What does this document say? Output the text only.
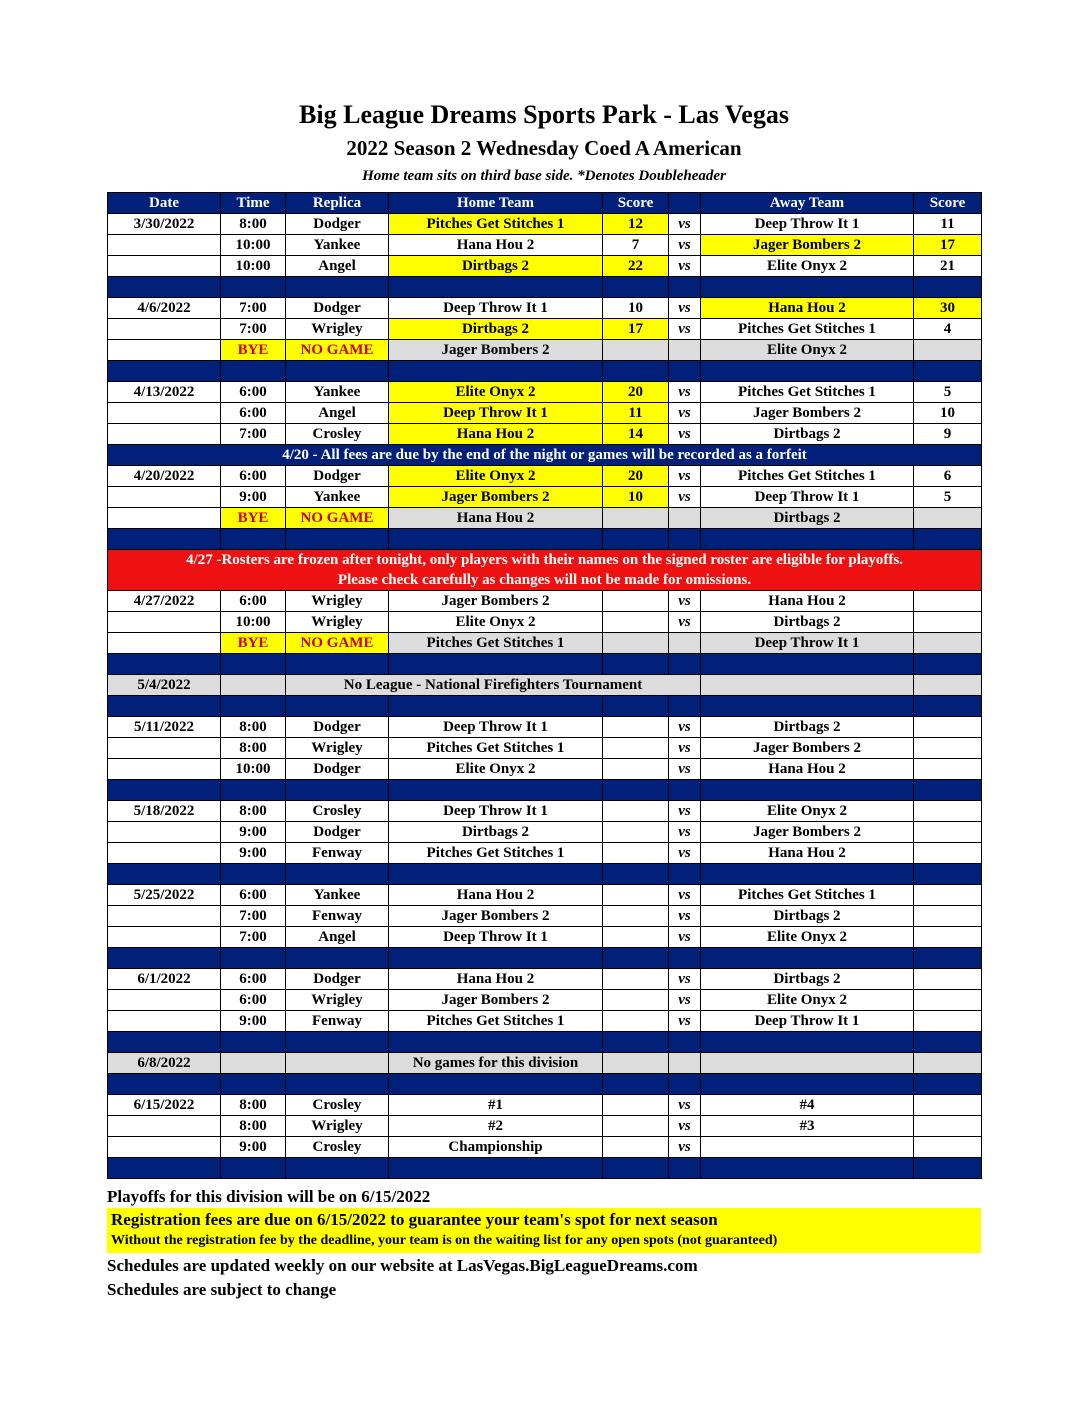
Big League Dreams Sports Park - Las Vegas
2022 Season 2 Wednesday Coed A American
Home team sits on third base side. *Denotes Doubleheader
Date	Time	Replica	Home Team	Score		Away Team	Score
3/30/2022	8:00	Dodger	Pitches Get Stitches 1	12	vs	Deep Throw It 1	11
	10:00	Yankee	Hana Hou 2	7	vs	Jager Bombers 2	17
	10:00	Angel	Dirtbags 2	22	vs	Elite Onyx 2	21

4/6/2022	7:00	Dodger	Deep Throw It 1	10	vs	Hana Hou 2	30
	7:00	Wrigley	Dirtbags 2	17	vs	Pitches Get Stitches 1	4
	BYE	NO GAME	Jager Bombers 2			Elite Onyx 2	

4/13/2022	6:00	Yankee	Elite Onyx 2	20	vs	Pitches Get Stitches 1	5
	6:00	Angel	Deep Throw It 1	11	vs	Jager Bombers 2	10
	7:00	Crosley	Hana Hou 2	14	vs	Dirtbags 2	9
4/20 - All fees are due by the end of the night or games will be recorded as a forfeit							
4/20/2022	6:00	Dodger	Elite Onyx 2	20	vs	Pitches Get Stitches 1	6
	9:00	Yankee	Jager Bombers 2	10	vs	Deep Throw It 1	5
	BYE	NO GAME	Hana Hou 2			Dirtbags 2	

4/27 -Rosters are frozen after tonight, only players with their names on the signed roster are eligible for playoffs.
Please check carefully as changes will not be made for omissions.							

4/27/2022	6:00	Wrigley	Jager Bombers 2		vs	Hana Hou 2	
	10:00	Wrigley	Elite Onyx 2		vs	Dirtbags 2	
	BYE	NO GAME	Pitches Get Stitches 1			Deep Throw It 1	

5/4/2022		No League - National Firefighters Tournament					

5/11/2022	8:00	Dodger	Deep Throw It 1		vs	Dirtbags 2	
	8:00	Wrigley	Pitches Get Stitches 1		vs	Jager Bombers 2	
	10:00	Dodger	Elite Onyx 2		vs	Hana Hou 2	

5/18/2022	8:00	Crosley	Deep Throw It 1		vs	Elite Onyx 2	
	9:00	Dodger	Dirtbags 2		vs	Jager Bombers 2	
	9:00	Fenway	Pitches Get Stitches 1		vs	Hana Hou 2	

5/25/2022	6:00	Yankee	Hana Hou 2		vs	Pitches Get Stitches 1	
	7:00	Fenway	Jager Bombers 2		vs	Dirtbags 2	
	7:00	Angel	Deep Throw It 1		vs	Elite Onyx 2	

6/1/2022	6:00	Dodger	Hana Hou 2		vs	Dirtbags 2	
	6:00	Wrigley	Jager Bombers 2		vs	Elite Onyx 2	
	9:00	Fenway	Pitches Get Stitches 1		vs	Deep Throw It 1	

6/8/2022			No games for this division				

6/15/2022	8:00	Crosley	#1		vs	#4	
	8:00	Wrigley	#2		vs	#3	
	9:00	Crosley	Championship		vs		

Playoffs for this division will be on 6/15/2022
Registration fees are due on 6/15/2022 to guarantee your team's spot for next season
Without the registration fee by the deadline, your team is on the waiting list for any open spots (not guaranteed)
Schedules are updated weekly on our website at LasVegas.BigLeagueDreams.com
Schedules are subject to change
